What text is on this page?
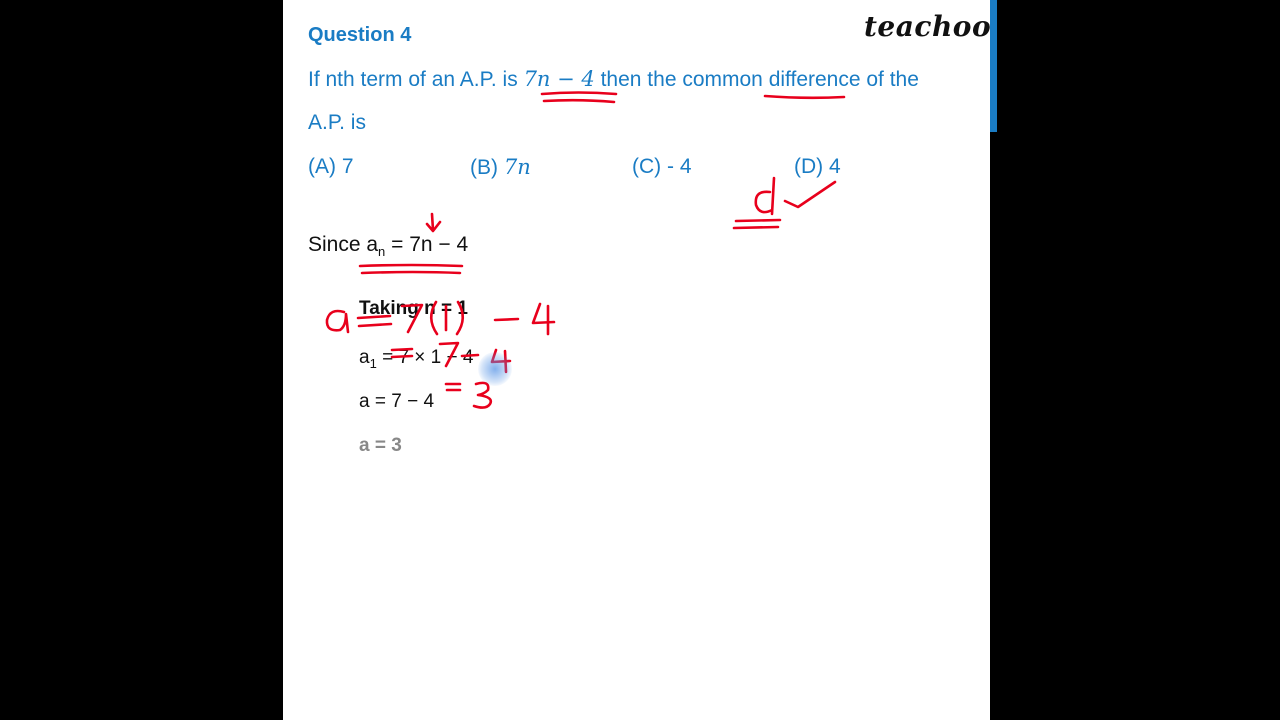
teachoo
Question 4
If nth term of an A.P. is 7n − 4 then the common difference of the
A.P. is
(A) 7	(B) 7n	(C) - 4	(D) 4
Since $a_n = 7n - 4$
Taking n = 1
$a_1 = 7 \times 1 - 4$
a = 7 − 4
a = 3
